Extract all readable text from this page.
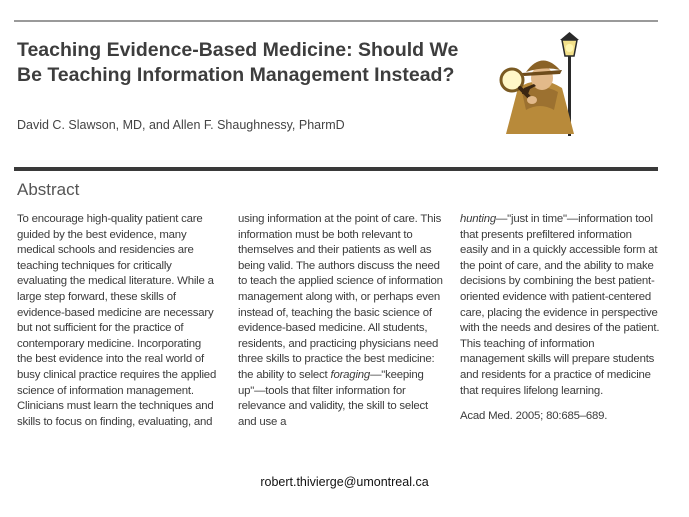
Teaching Evidence-Based Medicine: Should We Be Teaching Information Management Instead?
David C. Slawson, MD, and Allen F. Shaughnessy, PharmD
Abstract

To encourage high-quality patient care guided by the best evidence, many medical schools and residencies are teaching techniques for critically evaluating the medical literature. While a large step forward, these skills of evidence-based medicine are necessary but not sufficient for the practice of contemporary medicine. Incorporating the best evidence into the real world of busy clinical practice requires the applied science of information management. Clinicians must learn the techniques and skills to focus on finding, evaluating, and

using information at the point of care. This information must be both relevant to themselves and their patients as well as being valid. The authors discuss the need to teach the applied science of information management along with, or perhaps even instead of, teaching the basic science of evidence-based medicine. All students, residents, and practicing physicians need three skills to practice the best medicine: the ability to select foraging—"keeping up"—tools that filter information for relevance and validity, the skill to select and use a

hunting—"just in time"—information tool that presents prefiltered information easily and in a quickly accessible form at the point of care, and the ability to make decisions by combining the best patient-oriented evidence with patient-centered care, placing the evidence in perspective with the needs and desires of the patient. This teaching of information management skills will prepare students and residents for a practice of medicine that requires lifelong learning.

Acad Med. 2005; 80:685–689.

robert.thivierge@umontreal.ca
